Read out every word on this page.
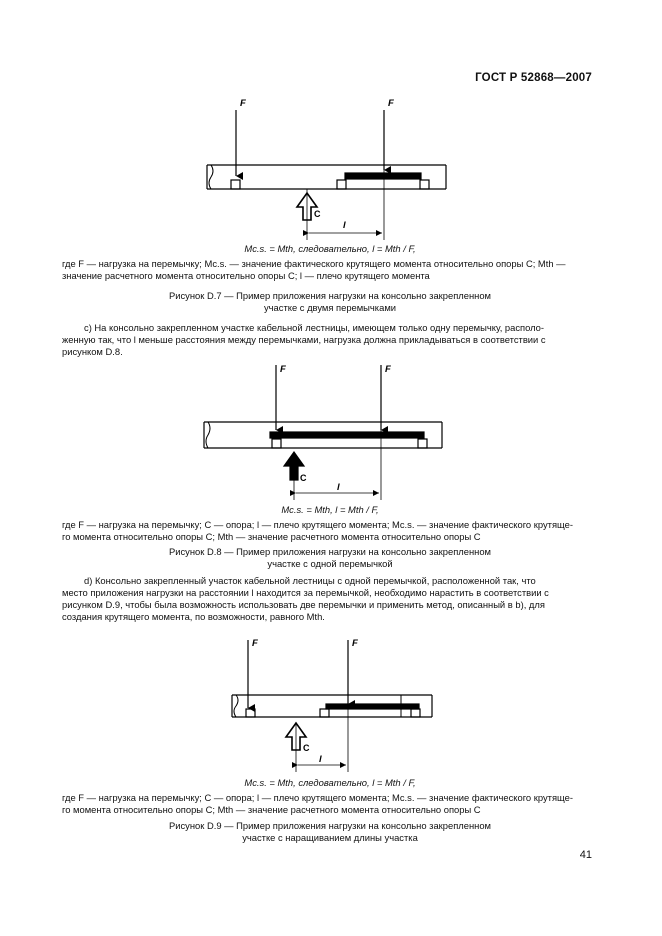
ГОСТ Р 52868—2007
F	F
C
l
F	F
C
l
F	F
C
l
Mc.s. = Mth, следовательно, l = Mth / F,
где F — нагрузка на перемычку; Mc.s. — значение фактического крутящего момента относительно опоры C; Mth —
значение расчетного момента относительно опоры C; l — плечо крутящего момента
Рисунок D.7 — Пример приложения нагрузки на консольно закрепленном
участке с двумя перемычками
c) На консольно закрепленном участке кабельной лестницы, имеющем только одну перемычку, располо-
женную так, что l меньше расстояния между перемычками, нагрузка должна прикладываться в соответствии с
рисунком D.8.
Mc.s. = Mth, l = Mth / F,
где F — нагрузка на перемычку; C — опора; l — плечо крутящего момента; Mc.s. — значение фактического крутяще-
го момента относительно опоры C; Mth — значение расчетного момента относительно опоры C
Рисунок D.8 — Пример приложения нагрузки на консольно закрепленном
участке с одной перемычкой
d) Консольно закрепленный участок кабельной лестницы с одной перемычкой, расположенной так, что
место приложения нагрузки на расстоянии l находится за перемычкой, необходимо нарастить в соответствии с
рисунком D.9, чтобы была возможность использовать две перемычки и применить метод, описанный в b), для
создания крутящего момента, по возможности, равного Mth.
Mc.s. = Mth, следовательно, l = Mth / F,
где F — нагрузка на перемычку; C — опора; l — плечо крутящего момента; Mc.s. — значение фактического крутяще-
го момента относительно опоры C; Mth — значение расчетного момента относительно опоры C
Рисунок D.9 — Пример приложения нагрузки на консольно закрепленном
участке с наращиванием длины участка
41
